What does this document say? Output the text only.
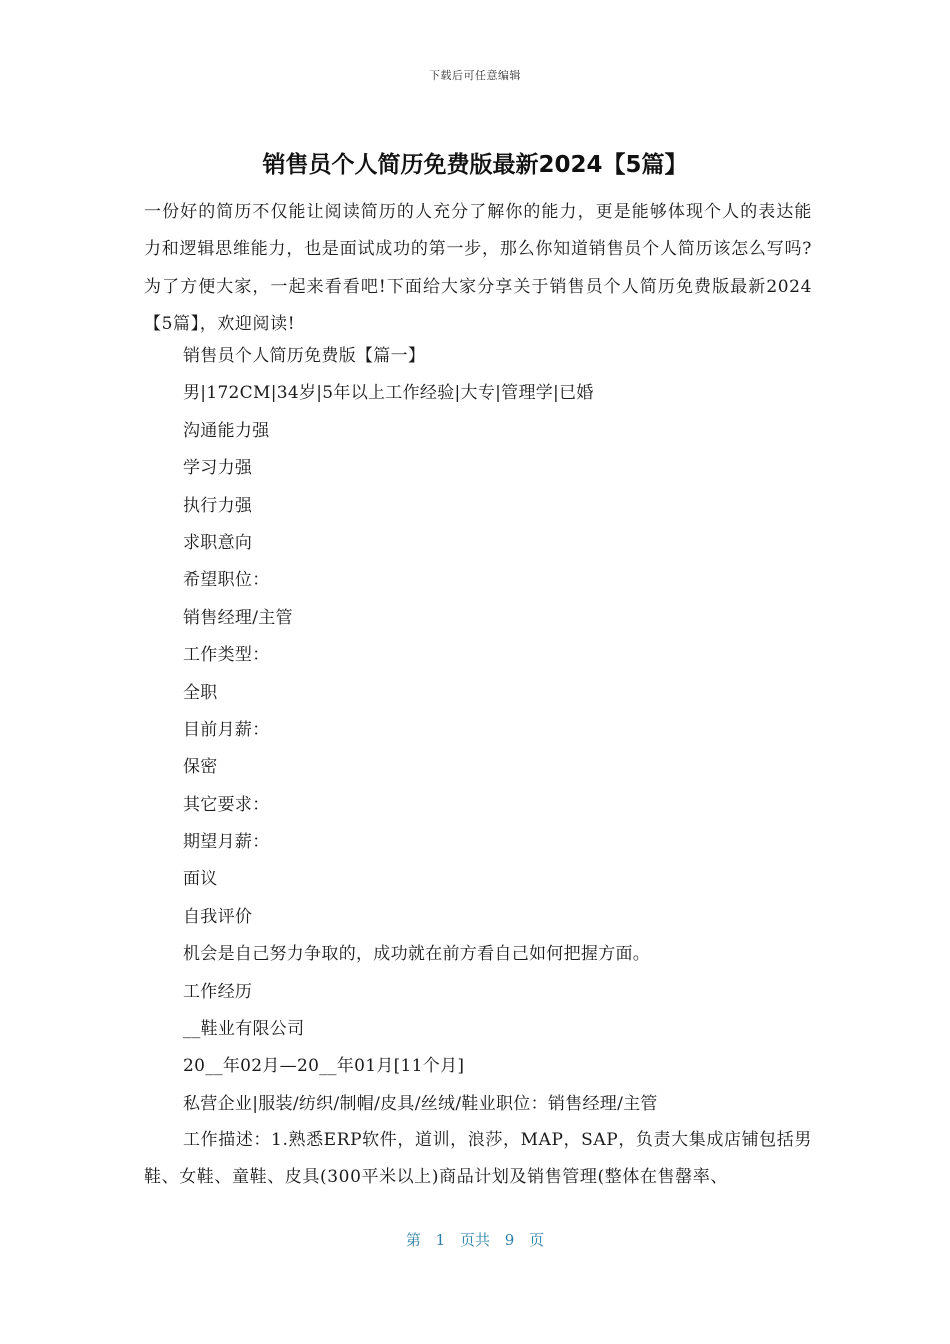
下载后可任意编辑
销售员个人简历免费版最新2024【5篇】

一份好的简历不仅能让阅读简历的人充分了解你的能力，更是能够体现个人的表达能力和逻辑思维能力，也是面试成功的第一步，那么你知道销售员个人简历该怎么写吗?为了方便大家，一起来看看吧!下面给大家分享关于销售员个人简历免费版最新2024【5篇】，欢迎阅读!

销售员个人简历免费版【篇一】
男|172CM|34岁|5年以上工作经验|大专|管理学|已婚
沟通能力强
学习力强
执行力强
求职意向
希望职位：
销售经理/主管
工作类型：
全职
目前月薪：
保密
其它要求：
期望月薪：
面议
自我评价
机会是自己努力争取的，成功就在前方看自己如何把握方面。
工作经历
__鞋业有限公司
20__年02月—20__年01月[11个月]
私营企业|服装/纺织/制帽/皮具/丝绒/鞋业职位：销售经理/主管

工作描述：1.熟悉ERP软件，道训，浪莎，MAP，SAP，负责大集成店铺包括男鞋、女鞋、童鞋、皮具(300平米以上)商品计划及销售管理(整体在售罄率、

第 1 页共 9 页
